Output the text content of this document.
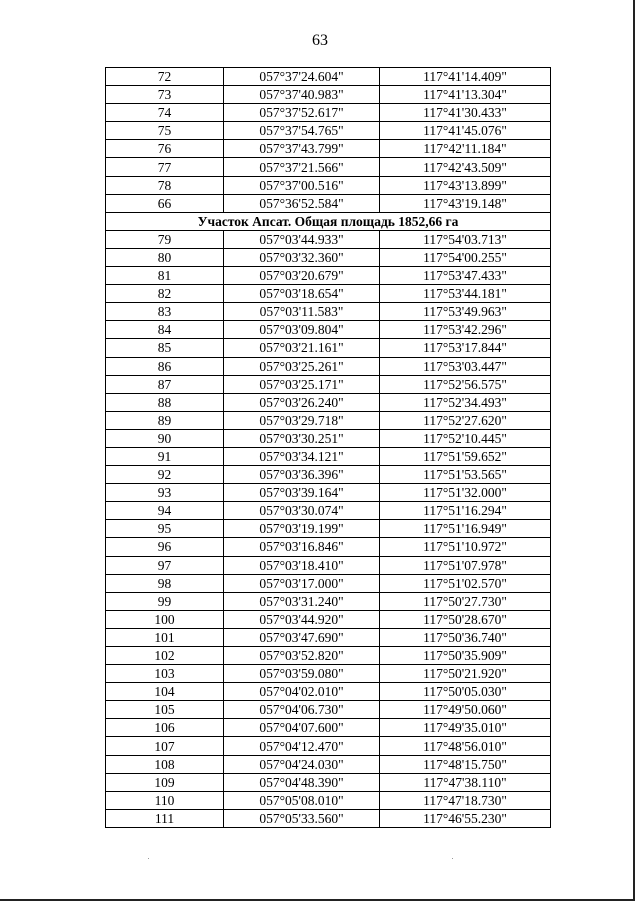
63
72	057°37'24.604"	117°41'14.409"
73	057°37'40.983"	117°41'13.304"
74	057°37'52.617"	117°41'30.433"
75	057°37'54.765"	117°41'45.076"
76	057°37'43.799"	117°42'11.184"
77	057°37'21.566"	117°42'43.509"
78	057°37'00.516"	117°43'13.899"
66	057°36'52.584"	117°43'19.148"
Участок Апсат. Общая площадь 1852,66 га		
79	057°03'44.933"	117°54'03.713"
80	057°03'32.360"	117°54'00.255"
81	057°03'20.679"	117°53'47.433"
82	057°03'18.654"	117°53'44.181"
83	057°03'11.583"	117°53'49.963"
84	057°03'09.804"	117°53'42.296"
85	057°03'21.161"	117°53'17.844"
86	057°03'25.261"	117°53'03.447"
87	057°03'25.171"	117°52'56.575"
88	057°03'26.240"	117°52'34.493"
89	057°03'29.718"	117°52'27.620"
90	057°03'30.251"	117°52'10.445"
91	057°03'34.121"	117°51'59.652"
92	057°03'36.396"	117°51'53.565"
93	057°03'39.164"	117°51'32.000"
94	057°03'30.074"	117°51'16.294"
95	057°03'19.199"	117°51'16.949"
96	057°03'16.846"	117°51'10.972"
97	057°03'18.410"	117°51'07.978"
98	057°03'17.000"	117°51'02.570"
99	057°03'31.240"	117°50'27.730"
100	057°03'44.920"	117°50'28.670"
101	057°03'47.690"	117°50'36.740"
102	057°03'52.820"	117°50'35.909"
103	057°03'59.080"	117°50'21.920"
104	057°04'02.010"	117°50'05.030"
105	057°04'06.730"	117°49'50.060"
106	057°04'07.600"	117°49'35.010"
107	057°04'12.470"	117°48'56.010"
108	057°04'24.030"	117°48'15.750"
109	057°04'48.390"	117°47'38.110"
110	057°05'08.010"	117°47'18.730"
111	057°05'33.560"	117°46'55.230"
